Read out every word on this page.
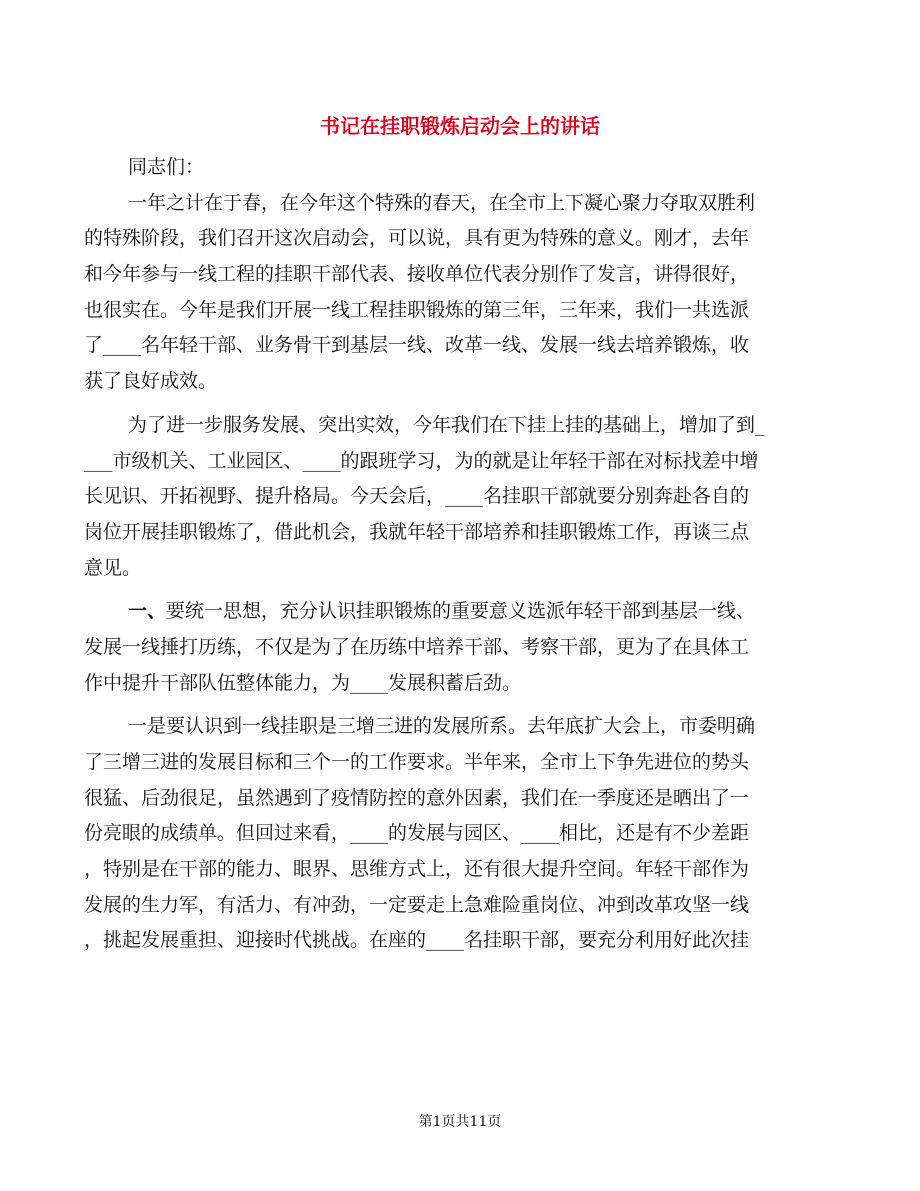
书记在挂职锻炼启动会上的讲话
同志们：
一年之计在于春，在今年这个特殊的春天，在全市上下凝心聚力夺取双胜利
的特殊阶段，我们召开这次启动会，可以说，具有更为特殊的意义。刚才，去年
和今年参与一线工程的挂职干部代表、接收单位代表分别作了发言，讲得很好，
也很实在。今年是我们开展一线工程挂职锻炼的第三年，三年来，我们一共选派
了____名年轻干部、业务骨干到基层一线、改革一线、发展一线去培养锻炼，收
获了良好成效。
为了进一步服务发展、突出实效，今年我们在下挂上挂的基础上，增加了到_
___市级机关、工业园区、____的跟班学习，为的就是让年轻干部在对标找差中增
长见识、开拓视野、提升格局。今天会后，____名挂职干部就要分别奔赴各自的
岗位开展挂职锻炼了，借此机会，我就年轻干部培养和挂职锻炼工作，再谈三点
意见。
一、要统一思想，充分认识挂职锻炼的重要意义选派年轻干部到基层一线、
发展一线捶打历练，不仅是为了在历练中培养干部、考察干部，更为了在具体工
作中提升干部队伍整体能力，为____发展积蓄后劲。
一是要认识到一线挂职是三增三进的发展所系。去年底扩大会上，市委明确
了三增三进的发展目标和三个一的工作要求。半年来，全市上下争先进位的势头
很猛、后劲很足，虽然遇到了疫情防控的意外因素，我们在一季度还是晒出了一
份亮眼的成绩单。但回过来看，____的发展与园区、____相比，还是有不少差距
，特别是在干部的能力、眼界、思维方式上，还有很大提升空间。年轻干部作为
发展的生力军，有活力、有冲劲，一定要走上急难险重岗位、冲到改革攻坚一线
，挑起发展重担、迎接时代挑战。在座的____名挂职干部，要充分利用好此次挂
第1页共11页
